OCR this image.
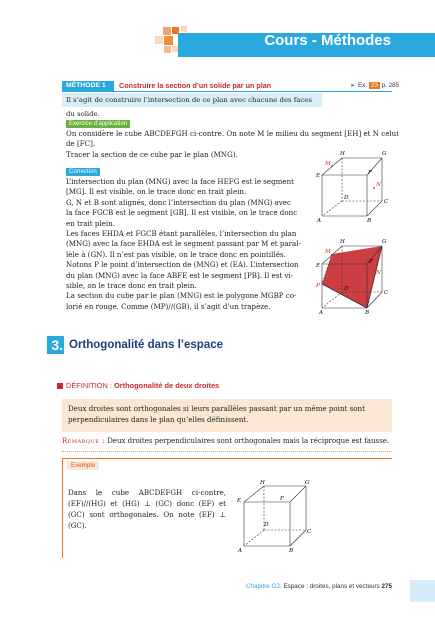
Cours - Méthodes
MÉTHODE 1	Construire la section d’un solide par un plan	► Ex. 23 p. 285
Il s’agit de construire l’intersection de ce plan avec chacune des faces du solide.
Exercice d’application
On considère le cube ABCDEFGH ci-contre. On note M le milieu du segment [EH] et N celui
de [FC].
Tracer la section de ce cube par le plan (MNG).
Correction
L’intersection du plan (MNG) avec la face HEFG est le segment
[MG]. Il est visible, on le trace donc en trait plein.
G, N et B sont alignés, donc l’intersection du plan (MNG) avec
la face FGCB est le segment [GB]. Il est visible, on le trace donc
en trait plein.
Les faces EHDA et FGCB étant parallèles, l’intersection du plan
(MNG) avec la face EHDA est le segment passant par M et paral-
lèle à (GN). Il n’est pas visible, on le trace donc en pointillés.
Notons P le point d’intersection de (MNG) et (EA). L’intersection
du plan (MNG) avec la face ABFE est le segment [PB]. Il est vi-
sible, on le trace donc en trait plein.
La section du cube par le plan (MNG) est le polygone MGBP co-
lorié en rouge. Comme (MP)//(GB), il s’agit d’un trapèze.
H	G
M
E	F
N
D
C
A	B
H	G
M
E
F
N
P	D
C
A	B
3. Orthogonalité dans l’espace
DÉFINITION : Orthogonalité de deux droites
Deux droites sont orthogonales si leurs parallèles passant par un même point sont perpendiculaires dans le plan qu’elles définissent.
Remarque : Deux droites perpendiculaires sont orthogonales mais la réciproque est fausse.
Exemple
Dans le cube ABCDEFGH ci-contre, (EF)//(HG) et (HG) ⊥ (GC) donc (EF) et (GC) sont orthogonales. On note (EF) ⊥ (GC).
H	G
E	F
D
C
A	B
Chapitre G2. Espace : droites, plans et vecteurs 275
